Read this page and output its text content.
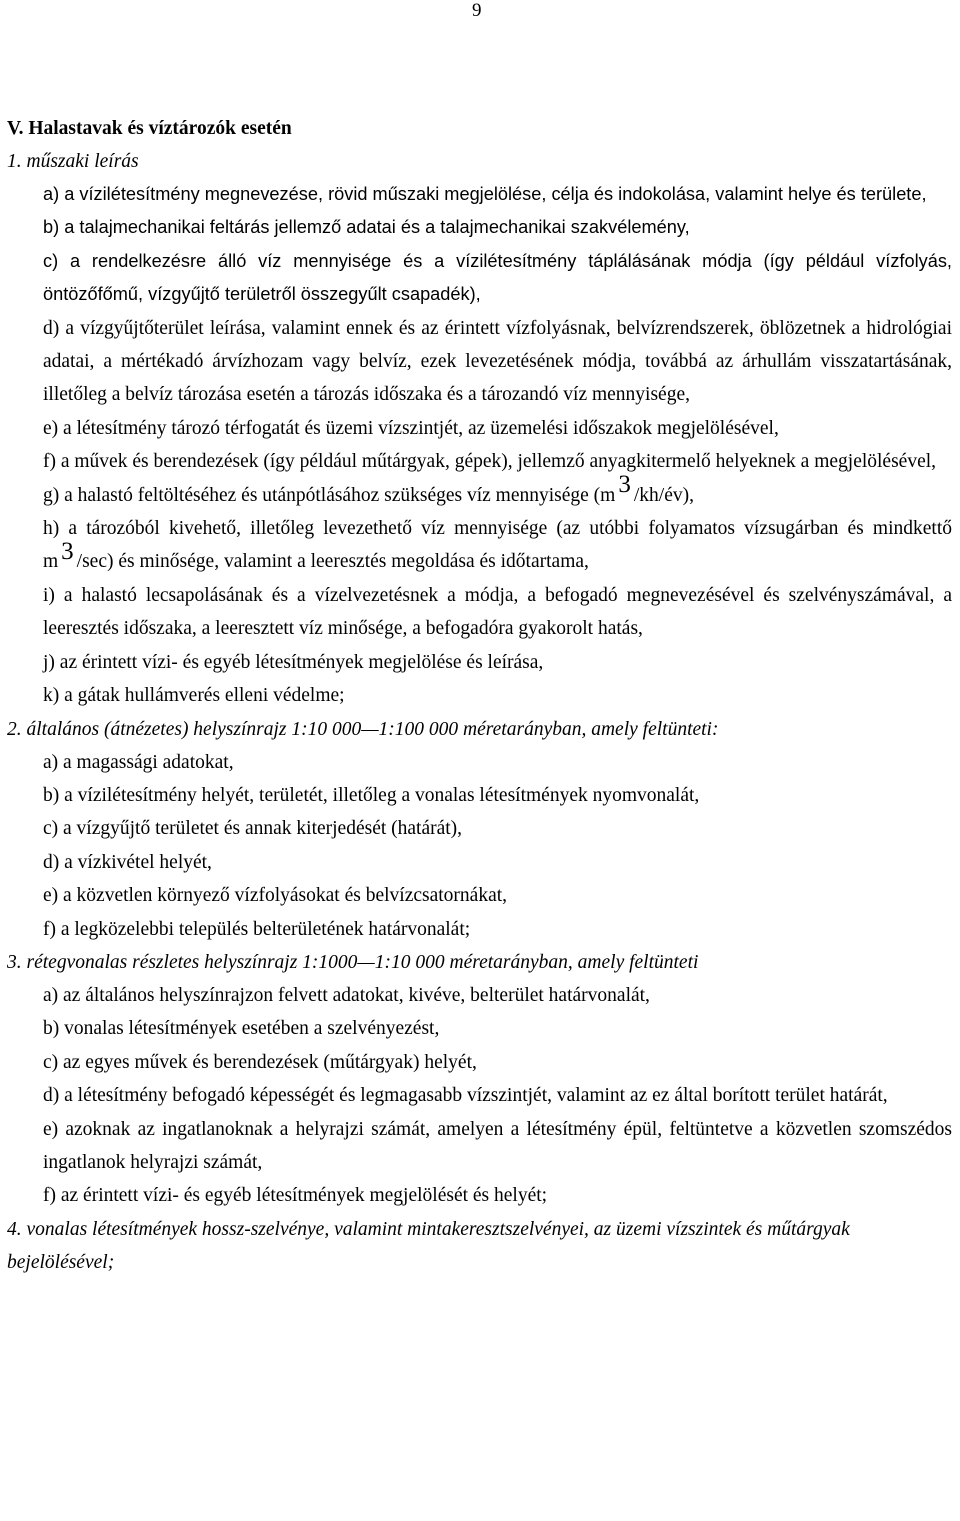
9

V. Halastavak és víztározók esetén

1. műszaki leírás

a) a vízilétesítmény megnevezése, rövid műszaki megjelölése, célja és indokolása, valamint helye és területe,

b) a talajmechanikai feltárás jellemző adatai és a talajmechanikai szakvélemény,

c) a rendelkezésre álló víz mennyisége és a vízilétesítmény táplálásának módja (így például vízfolyás, öntözőfőmű, vízgyűjtő területről összegyűlt csapadék),

d) a vízgyűjtőterület leírása, valamint ennek és az érintett vízfolyásnak, belvízrendszerek, öblözetnek a hidrológiai adatai, a mértékadó árvízhozam vagy belvíz, ezek levezetésének módja, továbbá az árhullám visszatartásának, illetőleg a belvíz tározása esetén a tározás időszaka és a tározandó víz mennyisége,

e) a létesítmény tározó térfogatát és üzemi vízszintjét, az üzemelési időszakok megjelölésével,

f) a művek és berendezések (így például műtárgyak, gépek), jellemző anyagkitermelő helyeknek a megjelölésével,

g) a halastó feltöltéséhez és utánpótlásához szükséges víz mennyisége (m 3 /kh/év),

h) a tározóból kivehető, illetőleg levezethető víz mennyisége (az utóbbi folyamatos vízsugárban és mindkettő m 3 /sec) és minősége, valamint a leeresztés megoldása és időtartama,

i) a halastó lecsapolásának és a vízelvezetésnek a módja, a befogadó megnevezésével és szelvényszámával, a leeresztés időszaka, a leeresztett víz minősége, a befogadóra gyakorolt hatás,

j) az érintett vízi- és egyéb létesítmények megjelölése és leírása,

k) a gátak hullámverés elleni védelme;

2. általános (átnézetes) helyszínrajz 1:10 000—1:100 000 méretarányban, amely feltünteti:

a) a magassági adatokat,

b) a vízilétesítmény helyét, területét, illetőleg a vonalas létesítmények nyomvonalát,

c) a vízgyűjtő területet és annak kiterjedését (határát),

d) a vízkivétel helyét,

e) a közvetlen környező vízfolyásokat és belvízcsatornákat,

f) a legközelebbi település belterületének határvonalát;

3. rétegvonalas részletes helyszínrajz 1:1000—1:10 000 méretarányban, amely feltünteti

a) az általános helyszínrajzon felvett adatokat, kivéve, belterület határvonalát,

b) vonalas létesítmények esetében a szelvényezést,

c) az egyes művek és berendezések (műtárgyak) helyét,

d) a létesítmény befogadó képességét és legmagasabb vízszintjét, valamint az ez által borított terület határát,

e) azoknak az ingatlanoknak a helyrajzi számát, amelyen a létesítmény épül, feltüntetve a közvetlen szomszédos ingatlanok helyrajzi számát,

f) az érintett vízi- és egyéb létesítmények megjelölését és helyét;

4. vonalas létesítmények hossz-szelvénye, valamint mintakeresztszelvényei, az üzemi vízszintek és műtárgyak bejelölésével;
